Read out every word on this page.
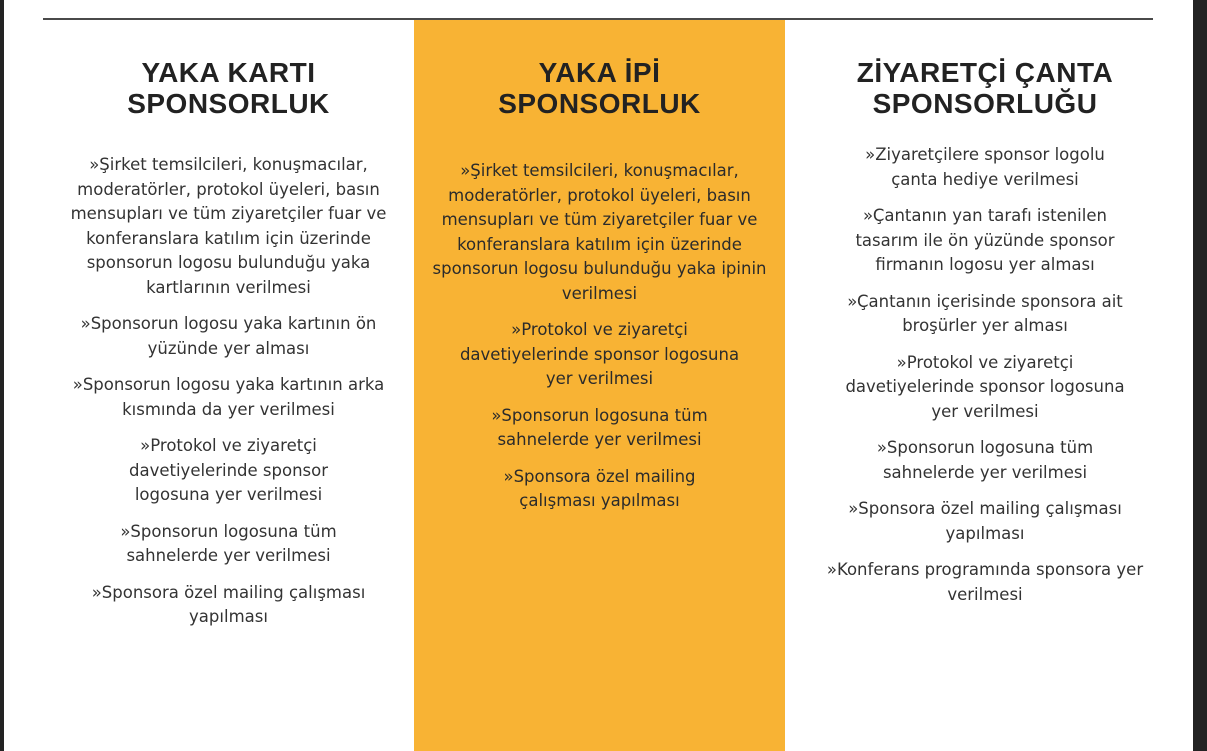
YAKA KARTI
SPONSORLUK
»Şirket temsilcileri, konuşmacılar, moderatörler, protokol üyeleri, basın mensupları ve tüm ziyaretçiler fuar ve konferanslara katılım için üzerinde sponsorun logosu bulunduğu yaka kartlarının verilmesi
»Sponsorun logosu yaka kartının ön yüzünde yer alması
»Sponsorun logosu yaka kartının arka kısmında da yer verilmesi
»Protokol ve ziyaretçi davetiyelerinde sponsor logosuna yer verilmesi
»Sponsorun logosuna tüm sahnelerde yer verilmesi
»Sponsora özel mailing çalışması yapılması
YAKA İPİ
SPONSORLUK
»Şirket temsilcileri, konuşmacılar, moderatörler, protokol üyeleri, basın mensupları ve tüm ziyaretçiler fuar ve konferanslara katılım için üzerinde sponsorun logosu bulunduğu yaka ipinin verilmesi
»Protokol ve ziyaretçi davetiyelerinde sponsor logosuna yer verilmesi
»Sponsorun logosuna tüm sahnelerde yer verilmesi
»Sponsora özel mailing çalışması yapılması
ZİYARETÇİ ÇANTA
SPONSORLUĞU
»Ziyaretçilere sponsor logolu çanta hediye verilmesi
»Çantanın yan tarafı istenilen tasarım ile ön yüzünde sponsor firmanın logosu yer alması
»Çantanın içerisinde sponsora ait broşürler yer alması
»Protokol ve ziyaretçi davetiyelerinde sponsor logosuna yer verilmesi
»Sponsorun logosuna tüm sahnelerde yer verilmesi
»Sponsora özel mailing çalışması yapılması
»Konferans programında sponsora yer verilmesi
